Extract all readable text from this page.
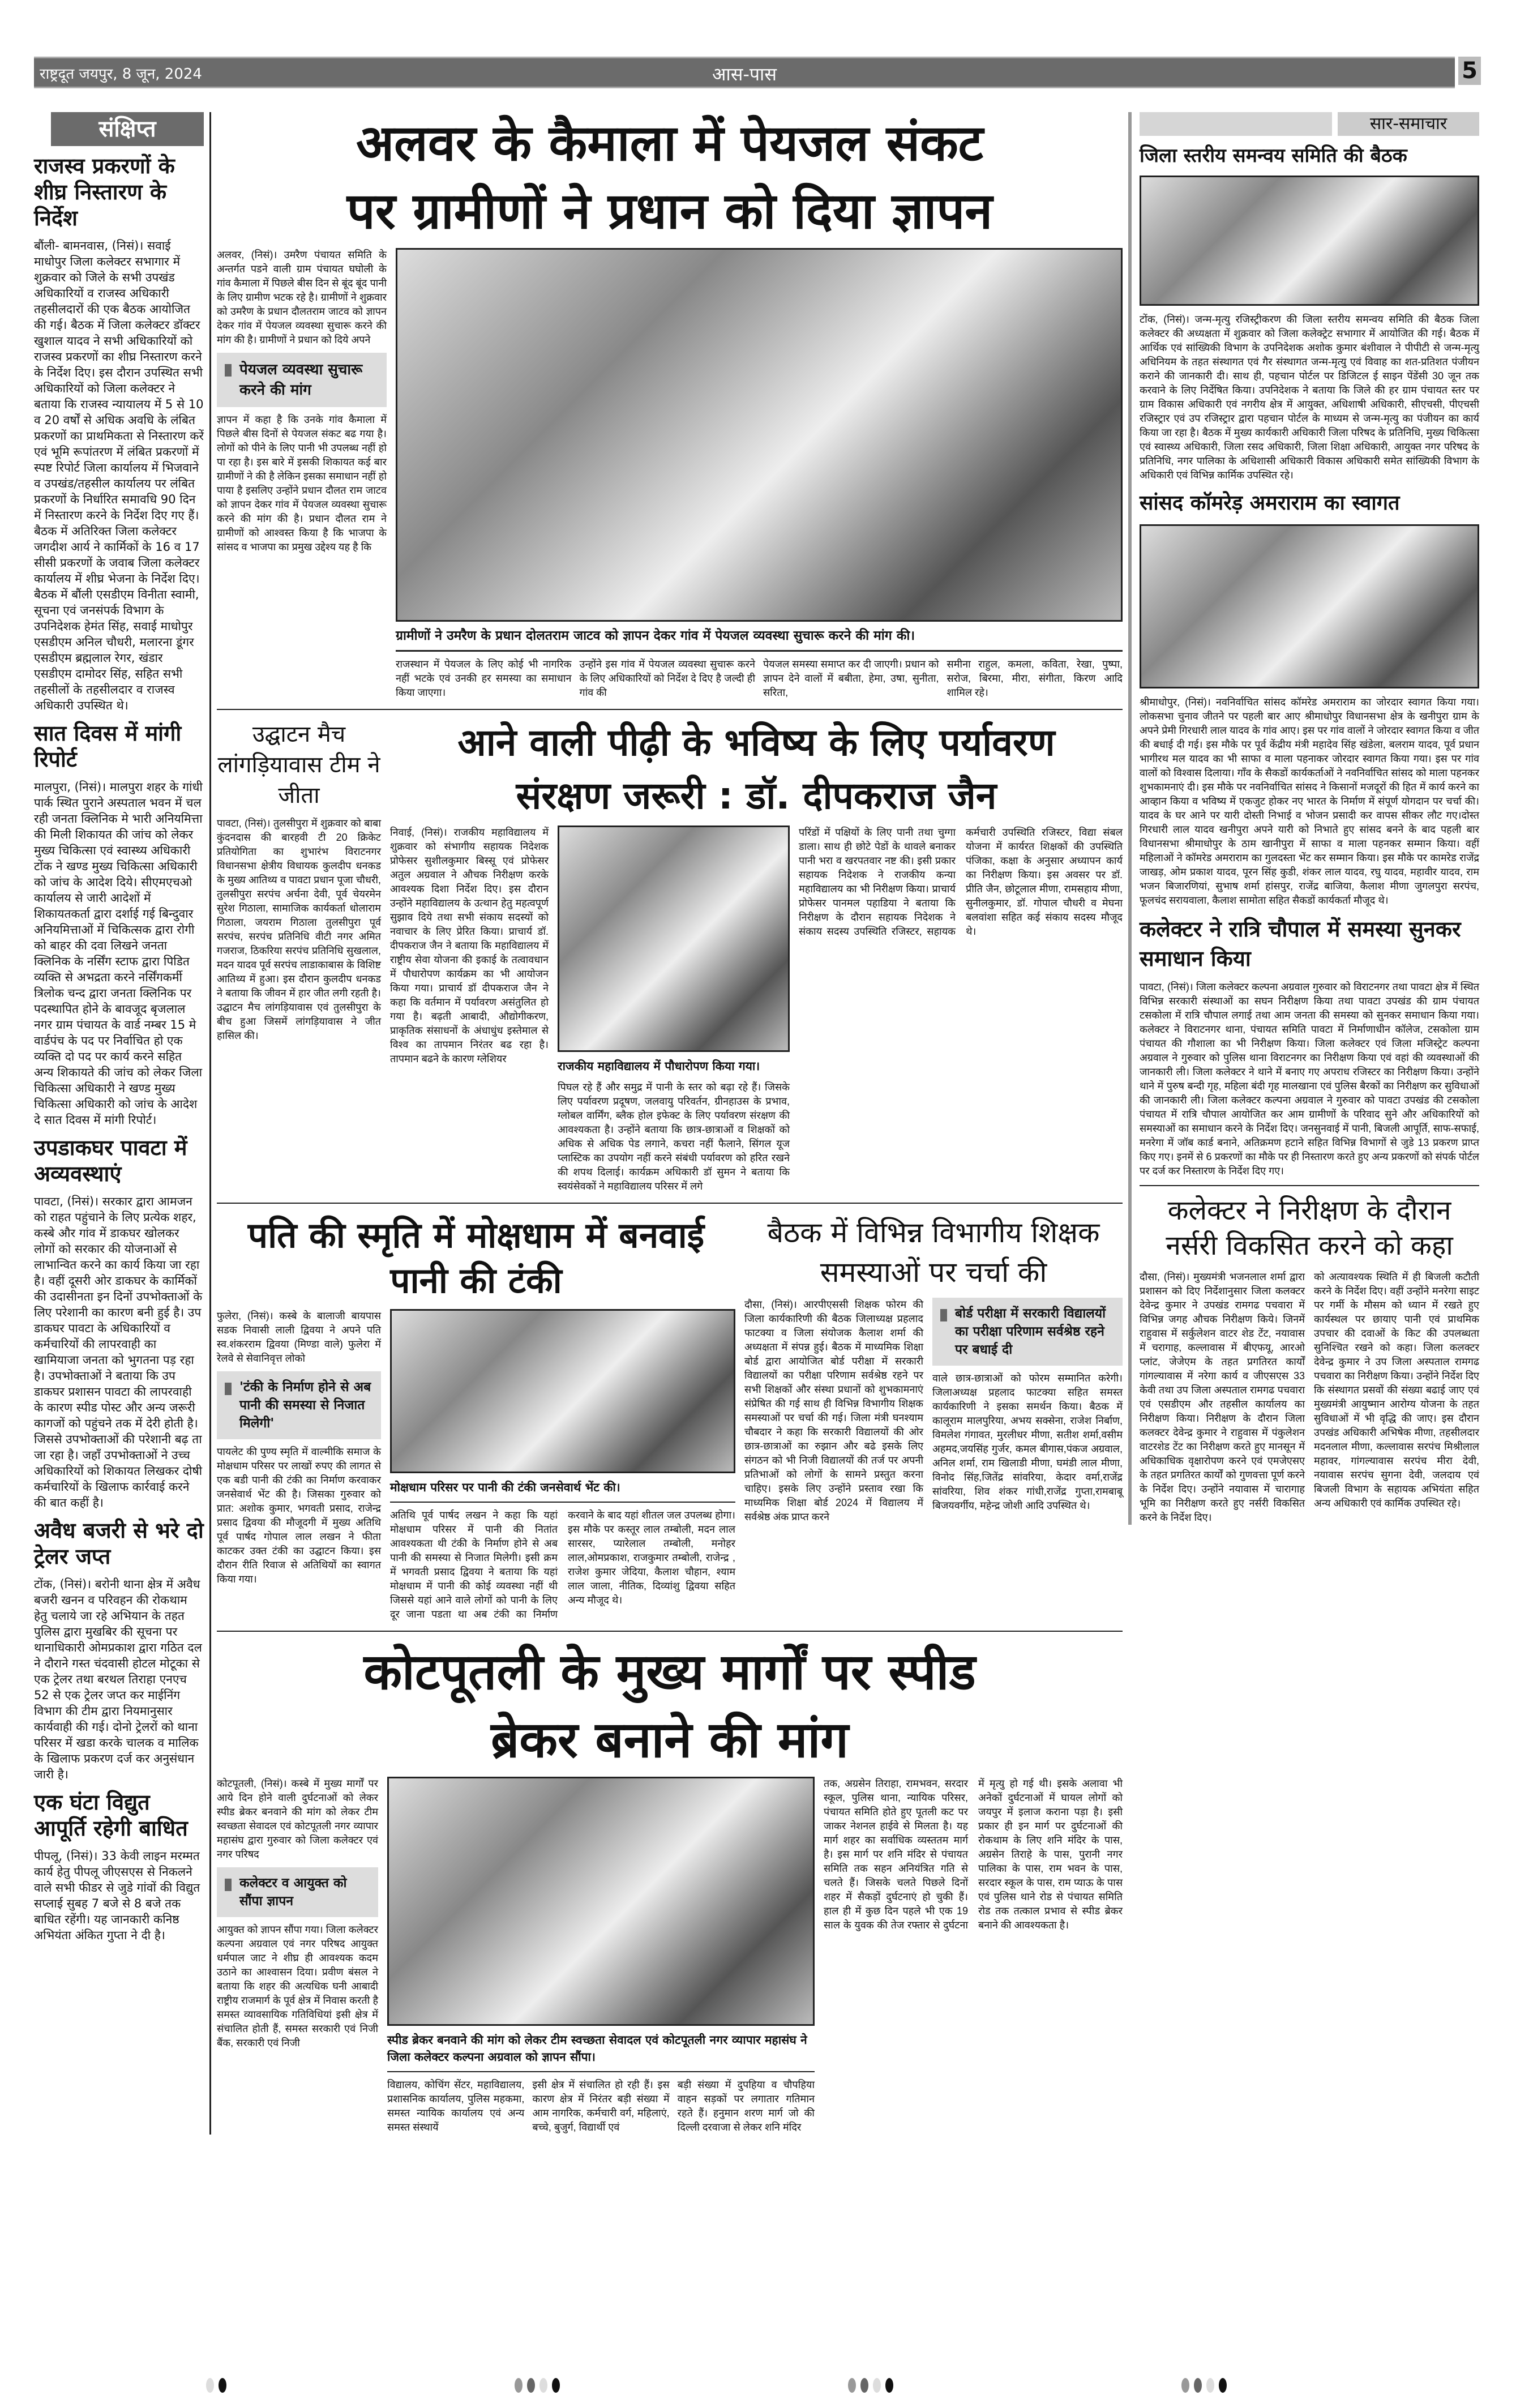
राष्ट्रदूत जयपुर, 8 जून, 2024	आस-पास	5
संक्षिप्त
राजस्व प्रकरणों के शीघ्र निस्तारण के निर्देश
बौंली- बामनवास, (निसं)। सवाई माधोपुर जिला कलेक्टर सभागार में शुक्रवार को जिले के सभी उपखंड अधिकारियों व राजस्व अधिकारी तहसीलदारों की एक बैठक आयोजित की गई। बैठक में जिला कलेक्टर डॉक्टर खुशाल यादव ने सभी अधिकारियों को राजस्व प्रकरणों का शीघ्र निस्तारण करने के निर्देश दिए। इस दौरान उपस्थित सभी अधिकारियों को जिला कलेक्टर ने बताया कि राजस्व न्यायालय में 5 से 10 व 20 वर्षों से अधिक अवधि के लंबित प्रकरणों का प्राथमिकता से निस्तारण करें एवं भूमि रूपांतरण में लंबित प्रकरणों में स्पष्ट रिपोर्ट जिला कार्यालय में भिजवाने व उपखंड/तहसील कार्यालय पर लंबित प्रकरणों के निर्धारित समावधि 90 दिन में निस्तारण करने के निर्देश दिए गए हैं। बैठक में अतिरिक्त जिला कलेक्टर जगदीश आर्य ने कार्मिकों के 16 व 17 सीसी प्रकरणों के जवाब जिला कलेक्टर कार्यालय में शीघ्र भेजना के निर्देश दिए। बैठक में बौंली एसडीएम विनीता स्वामी, सूचना एवं जनसंपर्क विभाग के उपनिदेशक हेमंत सिंह, सवाई माधोपुर एसडीएम अनिल चौधरी, मलारना डूंगर एसडीएम ब्रह्मलाल रेगर, खंडार एसडीएम दामोदर सिंह, सहित सभी तहसीलों के तहसीलदार व राजस्व अधिकारी उपस्थित थे।
सात दिवस में मांगी रिपोर्ट
मालपुरा, (निसं)। मालपुरा शहर के गांधी पार्क स्थित पुराने अस्पताल भवन में चल रही जनता क्लिनिक मे भारी अनियमित्ता की मिली शिकायत की जांच को लेकर मुख्य चिकित्सा एवं स्वास्थ्य अधिकारी टोंक ने खण्ड मुख्य चिकित्सा अधिकारी को जांच के आदेश दिये। सीएमएचओ कार्यालय से जारी आदेशों में शिकायतकर्ता द्वारा दर्शाई गई बिन्दुवार अनियमित्ताओं में चिकित्सक द्वारा रोगी को बाहर की दवा लिखने जनता क्लिनिक के नर्सिंग स्टाफ द्वारा पिडित व्यक्ति से अभद्रता करने नर्सिंगकर्मी त्रिलोक चन्द द्वारा जनता क्लिनिक पर पदस्थापित होने के बावजूद बृजलाल नगर ग्राम पंचायत के वार्ड नम्बर 15 मे वार्डपंच के पद पर निर्वाचित हो एक व्यक्ति दो पद पर कार्य करने सहित अन्य शिकायते की जांच को लेकर जिला चिकित्सा अधिकारी ने खण्ड मुख्य चिकित्सा अधिकारी को जांच के आदेश दे सात दिवस में मांगी रिपोर्ट।
उपडाकघर पावटा में अव्यवस्थाएं
पावटा, (निसं)। सरकार द्वारा आमजन को राहत पहुंचाने के लिए प्रत्येक शहर, कस्बे और गांव में डाकघर खोलकर लोगों को सरकार की योजनाओं से लाभान्वित करने का कार्य किया जा रहा है। वहीं दूसरी ओर डाकघर के कार्मिकों की उदासीनता इन दिनों उपभोक्ताओं के लिए परेशानी का कारण बनी हुई है। उप डाकघर पावटा के अधिकारियों व कर्मचारियों की लापरवाही का खामियाजा जनता को भुगतना पड़ रहा है। उपभोक्ताओं ने बताया कि उप डाकघर प्रशासन पावटा की लापरवाही के कारण स्पीड पोस्ट और अन्य जरूरी कागजों को पहुंचने तक में देरी होती है। जिससे उपभोक्ताओं की परेशानी बढ़ ता जा रहा है। जहाँ उपभोक्ताओं ने उच्च अधिकारियों को शिकायत लिखकर दोषी कर्मचारियों के खिलाफ कार्रवाई करने की बात कहीं है।
अवैध बजरी से भरे दो ट्रेलर जप्त
टोंक, (निसं)। बरोनी थाना क्षेत्र में अवैध बजरी खनन व परिवहन की रोकथाम हेतु चलाये जा रहे अभियान के तहत पुलिस द्वारा मुखबिर की सूचना पर थानाधिकारी ओमप्रकाश द्वारा गठित दल ने दौराने गस्त चंदवासी होटल मोटूका से एक ट्रेलर तथा बरथल तिराहा एनएच 52 से एक ट्रेलर जप्त कर माईनिंग विभाग की टीम द्वारा नियमानुसार कार्यवाही की गई। दोनो ट्रेलरों को थाना परिसर में खडा करके चालक व मालिक के खिलाफ प्रकरण दर्ज कर अनुसंधान जारी है।
एक घंटा विद्युत आपूर्ति रहेगी बाधित
पीपलू, (निसं)। 33 केवी लाइन मरम्मत कार्य हेतु पीपलू जीएसएस से निकलने वाले सभी फीडर से जुडे गांवों की विद्युत सप्लाई सुबह 7 बजे से 8 बजे तक बाधित रहेंगी। यह जानकारी कनिष्ठ अभियंता अंकित गुप्ता ने दी है।
अलवर के कैमाला में पेयजल संकट
पर ग्रामीणों ने प्रधान को दिया ज्ञापन
अलवर, (निसं)। उमरैण पंचायत समिति के अन्तर्गत पडने वाली ग्राम पंचायत घघोली के गांव कैमाला में पिछले बीस दिन से बूंद बूंद पानी के लिए ग्रामीण भटक रहे है। ग्रामीणों ने शुक्रवार को उमरैण के प्रधान दौलतराम जाटव को ज्ञापन देकर गांव में पेयजल व्यवस्था सुचारू करने की मांग की है। ग्रामीणों ने प्रधान को दिये अपने
पेयजल व्यवस्था सुचारू करने की मांग
ज्ञापन में कहा है कि उनके गांव कैमाला में पिछले बीस दिनों से पेयजल संकट बढ गया है। लोगों को पीने के लिए पानी भी उपलब्ध नहीं हो पा रहा है। इस बारे में इसकी शिकायत कई बार ग्रामीणों ने की है लेकिन इसका समाधान नहीं हो पाया है इसलिए उन्होंने प्रधान दौलत राम जाटव को ज्ञापन देकर गांव में पेयजल व्यवस्था सुचारू करने की मांग की है। प्रधान दौलत राम ने ग्रामीणों को आश्वस्त किया है कि भाजपा के सांसद व भाजपा का प्रमुख उद्देश्य यह है कि
ग्रामीणों ने उमरैण के प्रधान दोलतराम जाटव को ज्ञापन देकर गांव में पेयजल व्यवस्था सुचारू करने की मांग की।
राजस्थान में पेयजल के लिए कोई भी नागरिक नहीं भटके एवं उनकी हर समस्या का समाधान किया जाएगा।
उन्होंने इस गांव में पेयजल व्यवस्था सुचारू करने के लिए अधिकारियों को निर्देश दे दिए है जल्दी ही गांव की
पेयजल समस्या समाप्त कर दी जाएगी। प्रधान को ज्ञापन देने वालों में बबीता, हेमा, उषा, सुनीता, सरिता,
समीना राहुल, कमला, कविता, रेखा, पुष्पा, सरोज, बिरमा, मीरा, संगीता, किरण आदि शामिल रहे।
उद्घाटन मैच लांगड़ियावास टीम ने जीता
पावटा, (निसं)। तुलसीपुरा में शुक्रवार को बाबा कुंदनदास की बारहवी टी 20 क्रिकेट प्रतियोगिता का शुभारंभ विराटनगर विधानसभा क्षेत्रीय विधायक कुलदीप धनकड के मुख्य आतिथ्य व पावटा प्रधान पूजा चौधरी, तुलसीपुरा सरपंच अर्चना देवी, पूर्व चेयरमेन सुरेश गिठाला, सामाजिक कार्यकर्ता धोलाराम गिठाला, जयराम गिठाला तुलसीपुरा पूर्व सरपंच, सरपंच प्रतिनिधि वीटी नगर अमित गजराज, ठिकरिया सरपंच प्रतिनिधि सुखलाल, मदन यादव पूर्व सरपंच लाडाकाबास के विशिष्ट आतिथ्य में हुआ। इस दौरान कुलदीप धनकड ने बताया कि जीवन में हार जीत लगी रहती है। उद्घाटन मैच लांगड़ियावास एवं तुलसीपुरा के बीच हुआ जिसमें लांगड़ियावास ने जीत हासिल की।
आने वाली पीढ़ी के भविष्य के लिए पर्यावरण
संरक्षण जरूरी : डॉ. दीपकराज जैन
निवाई, (निसं)। राजकीय महाविद्यालय में शुक्रवार को संभागीय सहायक निदेशक प्रोफेसर सुशीलकुमार बिस्सू एवं प्रोफेसर अतुल अग्रवाल ने औचक निरीक्षण करके आवश्यक दिशा निर्देश दिए। इस दौरान उन्होंने महाविद्यालय के उत्थान हेतु महत्वपूर्ण सुझाव दिये तथा सभी संकाय सदस्यों को नवाचार के लिए प्रेरित किया। प्राचार्य डॉ. दीपकराज जैन ने बताया कि महाविद्यालय में राष्ट्रीय सेवा योजना की इकाई के तत्वावधान में पौधारोपण कार्यक्रम का भी आयोजन किया गया। प्राचार्य डॉ दीपकराज जैन ने कहा कि वर्तमान में पर्यावरण असंतुलित हो गया है। बढ़ती आबादी, औद्योगीकरण, प्राकृतिक संसाधनों के अंधाधुंध इस्तेमाल से विश्व का तापमान निरंतर बढ रहा है। तापमान बढने के कारण ग्लेशियर
राजकीय महाविद्यालय में पौधारोपण किया गया।
पिघल रहे हैं और समुद्र में पानी के स्तर को बढ़ा रहे हैं। जिसके लिए पर्यावरण प्रदूषण, जलवायु परिवर्तन, ग्रीनहाउस के प्रभाव, ग्लोबल वार्मिंग, ब्लैक होल इफेक्ट के लिए पर्यावरण संरक्षण की आवश्यकता है। उन्होंने बताया कि छात्र-छात्राओं व शिक्षकों को अधिक से अधिक पेड लगाने, कचरा नहीं फैलाने, सिंगल यूज प्लास्टिक का उपयोग नहीं करने संबंधी पर्यावरण को हरित रखने की शपथ दिलाई। कार्यक्रम अधिकारी डॉ सुमन ने बताया कि स्वयंसेवकों ने महाविद्यालय परिसर में लगे
परिंडों में पक्षियों के लिए पानी तथा चुग्गा डाला। साथ ही छोटे पेडों के थावले बनाकर पानी भरा व खरपतवार नष्ट की। इसी प्रकार सहायक निदेशक ने राजकीय कन्या महाविद्यालय का भी निरीक्षण किया। प्राचार्य प्रोफेसर पानमल पहाडिया ने बताया कि निरीक्षण के दौरान सहायक निदेशक ने संकाय सदस्य उपस्थिति रजिस्टर, सहायक कर्मचारी उपस्थिति रजिस्टर, विद्या संबल योजना में कार्यरत शिक्षकों की उपस्थिति पंजिका, कक्षा के अनुसार अध्यापन कार्य का निरीक्षण किया। इस अवसर पर डॉ. प्रीति जैन, छोटूलाल मीणा, रामसहाय मीणा, सुनीलकुमार, डॉ. गोपाल चौधरी व मेघना बलवांशा सहित कई संकाय सदस्य मौजूद थे।
पति की स्मृति में मोक्षधाम में बनवाई पानी की टंकी
फुलेरा, (निसं)। कस्बे के बालाजी बायपास सडक निवासी लाली द्विवया ने अपने पति स्व.शंकरराम द्विवया (मिण्डा वाले) फुलेरा में रेलवे से सेवानिवृत्त लोको
'टंकी के निर्माण होने से अब पानी की समस्या से निजात मिलेगी'
पायलेट की पुण्य स्मृति में वाल्मीकि समाज के मोक्षधाम परिसर पर लाखों रुपए की लागत से एक बडी पानी की टंकी का निर्माण करवाकर जनसेवार्थ भेंट की है। जिसका गुरुवार को प्रात: अशोक कुमार, भगवती प्रसाद, राजेन्द्र प्रसाद द्विवया की मौजूदगी में मुख्य अतिथि पूर्व पार्षद गोपाल लाल लखन ने फीता काटकर उक्त टंकी का उद्घाटन किया। इस दौरान रीति रिवाज से अतिथियों का स्वागत किया गया।
मोक्षधाम परिसर पर पानी की टंकी जनसेवार्थ भेंट की।
अतिथि पूर्व पार्षद लखन ने कहा कि यहां मोक्षधाम परिसर में पानी की नितांत आवश्यकता थी टंकी के निर्माण होने से अब पानी की समस्या से निजात मिलेगी। इसी क्रम में भगवती प्रसाद द्विवया ने बताया कि यहां मोक्षधाम में पानी की कोई व्यवस्था नहीं थी जिससे यहां आने वाले लोगों को पानी के लिए दूर जाना पडता था अब टंकी का निर्माण करवाने के बाद यहां शीतल जल उपलब्ध होगा। इस मौके पर कस्तूर लाल तम्बोली, मदन लाल सारसर, प्यारेलाल तम्बोली, मनोहर लाल,ओमप्रकाश, राजकुमार तम्बोली, राजेन्द्र , राजेश कुमार जेदिया, कैलाश चौहान, श्याम लाल जाला, नीतिक, दिव्यांशु द्विवया सहित अन्य मौजूद थे।
बैठक में विभिन्न विभागीय शिक्षक समस्याओं पर चर्चा की
दौसा, (निसं)। आरपीएससी शिक्षक फोरम की जिला कार्यकारिणी की बैठक जिलाध्यक्ष प्रहलाद फाटक्या व जिला संयोजक कैलाश शर्मा की अध्यक्षता में संपन्न हुई। बैठक में माध्यमिक शिक्षा बोर्ड द्वारा आयोजित बोर्ड परीक्षा में सरकारी विद्यालयों का परीक्षा परिणाम सर्वश्रेष्ठ रहने पर सभी शिक्षकों और संस्था प्रधानों को शुभकामनाएं संप्रेषित की गई साथ ही विभिन्न विभागीय शिक्षक समस्याओं पर चर्चा की गई। जिला मंत्री घनश्याम चौबदार ने कहा कि सरकारी विद्यालयों की ओर छात्र-छात्राओं का रुझान और बढे इसके लिए संगठन को भी निजी विद्यालयों की तर्ज पर अपनी प्रतिभाओं को लोगों के सामने प्रस्तुत करना चाहिए। इसके लिए उन्होंने प्रस्ताव रखा कि माध्यमिक शिक्षा बोर्ड 2024 में विद्यालय में सर्वश्रेष्ठ अंक प्राप्त करने
बोर्ड परीक्षा में सरकारी विद्यालयों का परीक्षा परिणाम सर्वश्रेष्ठ रहने पर बधाई दी
वाले छात्र-छात्राओं को फोरम सम्मानित करेगी। जिलाअध्यक्ष प्रहलाद फाटक्या सहित समस्त कार्यकारिणी ने इसका समर्थन किया। बैठक में कालूराम मालपुरिया, अभय सक्सेना, राजेश निर्बाण, विमलेश गंगावत, मुरलीधर मीणा, सतीश शर्मा,वसीम अहमद,जयसिंह गुर्जर, कमल बीगास,पंकज अग्रवाल, अनिल शर्मा, राम खिलाडी मीणा, घमंडी लाल मीणा, विनोद सिंह,जितेंद्र सांवरिया, केदार वर्मा,राजेंद्र सांवरिया, शिव शंकर गांधी,राजेंद्र गुप्ता,रामबाबू बिजयवर्गीय, महेन्द्र जोशी आदि उपस्थित थे।
कोटपूतली के मुख्य मार्गों पर स्पीड
ब्रेकर बनाने की मांग
कोटपूतली, (निसं)। कस्बे में मुख्य मार्गों पर आये दिन होने वाली दुर्घटनाओं को लेकर स्पीड ब्रेकर बनवाने की मांग को लेकर टीम स्वच्छता सेवादल एवं कोटपूतली नगर व्यापार महासंघ द्वारा गुरुवार को जिला कलेक्टर एवं नगर परिषद
कलेक्टर व आयुक्त को सौंपा ज्ञापन
आयुक्त को ज्ञापन सौंपा गया। जिला कलेक्टर कल्पना अग्रवाल एवं नगर परिषद आयुक्त धर्मपाल जाट ने शीघ्र ही आवश्यक कदम उठाने का आश्वासन दिया। प्रवीण बंसल ने बताया कि शहर की अत्यधिक घनी आबादी राष्ट्रीय राजमार्ग के पूर्व क्षेत्र में निवास करती है समस्त व्यावसायिक गतिविधियां इसी क्षेत्र में संचालित होती हैं, समस्त सरकारी एवं निजी बैंक, सरकारी एवं निजी	स्पीड ब्रेकर बनवाने की मांग को लेकर टीम स्वच्छता सेवादल एवं कोटपूतली नगर व्यापार महासंघ ने जिला कलेक्टर कल्पना अग्रवाल को ज्ञापन सौंपा।
विद्यालय, कोचिंग सेंटर, महाविद्यालय, प्रशासनिक कार्यालय, पुलिस महकमा, समस्त न्यायिक कार्यालय एवं अन्य समस्त संस्थायें
इसी क्षेत्र में संचालित हो रही हैं। इस कारण क्षेत्र में निरंतर बड़ी संख्या में आम नागरिक, कर्मचारी वर्ग, महिलाएं, बच्चे, बुजुर्ग, विद्यार्थी एवं
बड़ी संख्या में दुपहिया व चौपहिया वाहन सड़कों पर लगातार गतिमान रहते हैं। हनुमान शरण मार्ग जो की दिल्ली दरवाजा से लेकर शनि मंदिर
तक, अग्रसेन तिराहा, रामभवन, सरदार स्कूल, पुलिस थाना, न्यायिक परिसर, पंचायत समिति होते हुए पूतली कट पर जाकर नेशनल हाईवे से मिलता है। यह मार्ग शहर का सर्वाधिक व्यस्ततम मार्ग है। इस मार्ग पर शनि मंदिर से पंचायत समिति तक सहन अनियंत्रित गति से चलते हैं। जिसके चलते पिछले दिनों शहर में सैकड़ों दुर्घटनाएं हो चुकी हैं। हाल ही में कुछ दिन पहले भी एक 19 साल के युवक की तेज रफ्तार से दुर्घटना में मृत्यु हो गई थी। इसके अलावा भी अनेकों दुर्घटनाओं में घायल लोगों को जयपुर में इलाज कराना पड़ा है। इसी प्रकार ही इन मार्ग पर दुर्घटनाओं की रोकथाम के लिए शनि मंदिर के पास, अग्रसेन तिराहे के पास, पुरानी नगर पालिका के पास, राम भवन के पास, सरदार स्कूल के पास, राम प्याऊ के पास एवं पुलिस थाने रोड से पंचायत समिति रोड तक तत्काल प्रभाव से स्पीड ब्रेकर बनाने की आवश्यकता है।
सार-समाचार
जिला स्तरीय समन्वय समिति की बैठक
टोंक, (निसं)। जन्म-मृत्यु रजिस्ट्रीकरण की जिला स्तरीय समन्वय समिति की बैठक जिला कलेक्टर की अध्यक्षता में शुक्रवार को जिला कलेक्ट्रेट सभागार में आयोजित की गई। बैठक में आर्थिक एवं सांख्यिकी विभाग के उपनिदेशक अशोक कुमार बंशीवाल ने पीपीटी से जन्म-मृत्यु अधिनियम के तहत संस्थागत एवं गैर संस्थागत जन्म-मृत्यु एवं विवाह का शत-प्रतिशत पंजीयन कराने की जानकारी दी। साथ ही, पहचान पोर्टल पर डिजिटल ई साइन पेंडेंसी 30 जून तक करवाने के लिए निर्देषित किया। उपनिदेशक ने बताया कि जिले की हर ग्राम पंचायत स्तर पर ग्राम विकास अधिकारी एवं नगरीय क्षेत्र में आयुक्त, अधिशाषी अधिकारी, सीएचसी, पीएचसी रजिस्ट्रार एवं उप रजिस्ट्रार द्वारा पहचान पोर्टल के माध्यम से जन्म-मृत्यु का पंजीयन का कार्य किया जा रहा है। बैठक में मुख्य कार्यकारी अधिकारी जिला परिषद के प्रतिनिधि, मुख्य चिकित्सा एवं स्वास्थ्य अधिकारी, जिला रसद अधिकारी, जिला शिक्षा अधिकारी, आयुक्त नगर परिषद के प्रतिनिधि, नगर पालिका के अधिशासी अधिकारी विकास अधिकारी समेत सांख्यिकी विभाग के अधिकारी एवं विभिन्न कार्मिक उपस्थित रहे।
सांसद कॉमरेड़ अमराराम का स्वागत
श्रीमाधोपुर, (निसं)। नवनिर्वाचित सांसद कॉमरेड अमराराम का जोरदार स्वागत किया गया। लोकसभा चुनाव जीतने पर पहली बार आए श्रीमाधोपुर विधानसभा क्षेत्र के खनीपुरा ग्राम के अपने प्रेमी गिरधारी लाल यादव के गांव आए। इस पर गांव वालों ने जोरदार स्वागत किया व जीत की बधाई दी गई। इस मौके पर पूर्व केंद्रीय मंत्री महादेव सिंह खंडेला, बलराम यादव, पूर्व प्रधान भागीरथ मल यादव का भी साफा व माला पहनाकर जोरदार स्वागत किया गया। इस पर गांव वालों को विश्वास दिलाया। गाँव के सैकडों कार्यकर्ताओं ने नवनिर्वाचित सांसद को माला पहनकर शुभकामनाएं दी। इस मौके पर नवनिर्वाचित सांसद ने किसानों मजदूरों की हित में कार्य करने का आव्हान किया व भविष्य में एकजुट होकर नए भारत के निर्माण में संपूर्ण योगदान पर चर्चा की। यादव के घर आने पर यारी दोस्ती निभाई व भोजन प्रसादी कर वापस सीकर लौट गए।दोस्त गिरधारी लाल यादव खनीपुरा अपने यारी को निभाते हुए सांसद बनने के बाद पहली बार विधानसभा श्रीमाधोपुर के ठाम खानीपुरा में साफा व माला पहनकर सम्मान किया। वहीं महिलाओं ने कॉमरेड अमराराम का गुलदस्ता भेंट कर सम्मान किया। इस मौके पर कामरेड राजेंद्र जाखड़, ओम प्रकाश यादव, पूरन सिंह कुडी, शंकर लाल यादव, रघु यादव, महावीर यादव, राम भजन बिजारणियां, सुभाष शर्मा हांसपुर, राजेंद्र बाजिया, कैलाश मीणा जुगलपुरा सरपंच, फूलचंद सरायवाला, कैलाश सामोता सहित सैकडों कार्यकर्ता मौजूद थे।
कलेक्टर ने रात्रि चौपाल में समस्या सुनकर समाधान किया
पावटा, (निसं)। जिला कलेक्टर कल्पना अग्रवाल गुरुवार को विराटनगर तथा पावटा क्षेत्र में स्थित विभिन्न सरकारी संस्थाओं का सघन निरीक्षण किया तथा पावटा उपखंड की ग्राम पंचायत टसकोला में रात्रि चौपाल लगाई तथा आम जनता की समस्या को सुनकर समाधान किया गया। कलेक्टर ने विराटनगर थाना, पंचायत समिति पावटा में निर्माणाधीन कॉलेज, टसकोला ग्राम पंचायत की गौशाला का भी निरीक्षण किया। जिला कलेक्टर एवं जिला मजिस्ट्रेट कल्पना अग्रवाल ने गुरुवार को पुलिस थाना विराटनगर का निरीक्षण किया एवं वहां की व्यवस्थाओं की जानकारी ली। जिला कलेक्टर ने थाने में बनाए गए अपराध रजिस्टर का निरीक्षण किया। उन्होंने थाने में पुरुष बन्दी गृह, महिला बंदी गृह मालखाना एवं पुलिस बैरकों का निरीक्षण कर सुविधाओं की जानकारी ली। जिला कलेक्टर कल्पना अग्रवाल ने गुरुवार को पावटा उपखंड की टसकोला पंचायत में रात्रि चौपाल आयोजित कर आम ग्रामीणों के परिवाद सुने और अधिकारियों को समस्याओं का समाधान करने के निर्देश दिए। जनसुनवाई में पानी, बिजली आपूर्ति, साफ-सफाई, मनरेगा में जॉब कार्ड बनाने, अतिक्रमण हटाने सहित विभिन्न विभागों से जुडे 13 प्रकरण प्राप्त किए गए। इनमें से 6 प्रकरणों का मौके पर ही निस्तारण करते हुए अन्य प्रकरणों को संपर्क पोर्टल पर दर्ज कर निस्तारण के निर्देश दिए गए।
कलेक्टर ने निरीक्षण के दौरान नर्सरी विकसित करने को कहा
दौसा, (निसं)। मुख्यमंत्री भजनलाल शर्मा द्वारा प्रशासन को दिए निर्देशानुसार जिला कलक्टर देवेन्द्र कुमार ने उपखंड रामगढ पचवारा में विभिन्न जगह औचक निरीक्षण किये। जिनमें राहुवास में सर्कुलेशन वाटर शेड टेंट, नयावास में चरागाह, कल्लावास में बीएफयू, आरओ प्लांट, जेजेएम के तहत प्रगतिरत कार्यों गांगल्यावास में नरेगा कार्य व जीएसएस 33 केवी तथा उप जिला अस्पताल रामगढ पचवारा एवं एसडीएम और तहसील कार्यालय का निरीक्षण किया। निरीक्षण के दौरान जिला कलक्टर देवेन्द्र कुमार ने राहुवास में पंकुलेशन वाटरशेड टेंट का निरीक्षण करते हुए मानसून में अधिकाधिक वृक्षारोपण करने एवं एमजेएसए के तहत प्रगतिरत कार्यों को गुणवत्ता पूर्ण करने के निर्देश दिए। उन्होंने नयावास में चारागाह भूमि का निरीक्षण करते हुए नर्सरी विकसित करने के निर्देश दिए।
को अत्यावश्यक स्थिति में ही बिजली कटौती करने के निर्देश दिए। वहीं उन्होंने मनरेगा साइट पर गर्मी के मौसम को ध्यान में रखते हुए कार्यस्थल पर छायाए पानी एवं प्राथमिक उपचार की दवाओं के किट की उपलब्धता सुनिश्चित रखने को कहा। जिला कलक्टर देवेन्द्र कुमार ने उप जिला अस्पताल रामगढ पचवारा का निरीक्षण किया। उन्होंने निर्देश दिए कि संस्थागत प्रसवों की संख्या बढाई जाए एवं मुख्यमंत्री आयुष्मान आरोग्य योजना के तहत सुविधाओं में भी वृद्धि की जाए। इस दौरान उपखंड अधिकारी अभिषेक मीणा, तहसीलदार मदनलाल मीणा, कल्लावास सरपंच मिश्रीलाल महावर, गांगल्यावास सरपंच मीरा देवी, नयावास सरपंच सुगना देवी, जलदाय एवं बिजली विभाग के सहायक अभियंता सहित अन्य अधिकारी एवं कार्मिक उपस्थित रहे।
